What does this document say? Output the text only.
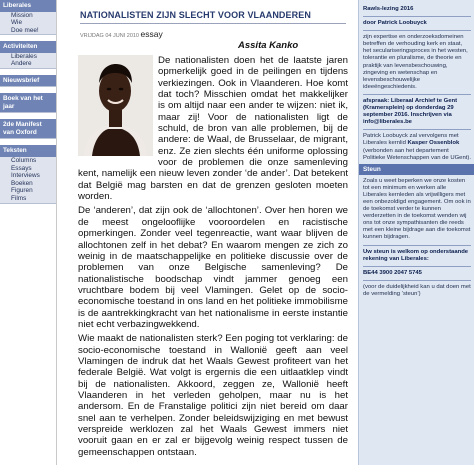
Liberales
Mission
Wie
Doe mee!
Activiteiten
Liberales
Andere
Nieuwsbrief
Boek van het
jaar
2de Manifest
van Oxford
Teksten
Columns
Essays
Interviews
Boeken
Figuren
Films
NATIONALISTEN ZIJN SLECHT VOOR VLAANDEREN
VRIJDAG 04 JUNI 2010 essay
Assita Kanko

De nationalisten doen het de laatste jaren opmerkelijk goed in de peilingen en tijdens verkiezingen. Ook in Vlaanderen. Hoe komt dat toch? Misschien omdat het makkelijker is om altijd naar een ander te wijzen: niet ik, maar zij! Voor de nationalisten ligt de schuld, de bron van alle problemen, bij de andere: de Waal, de Brusselaar, de migrant, enz. Ze zien slechts één uniforme oplossing voor de problemen die onze samenleving kent, namelijk een nieuw leven zonder ‘de ander’. Dat betekent dat België mag barsten en dat de grenzen gesloten moeten worden.

De ‘anderen’, dat zijn ook de ‘allochtonen’. Over hen horen we de meest ongelooflijke vooroordelen en racistische opmerkingen. Zonder veel tegenreactie, want waar blijven de allochtonen zelf in het debat? En waarom mengen ze zich zo weinig in de maatschappelijke en politieke discussie over de problemen van onze Belgische samenleving? De nationalistische boodschap vindt jammer genoeg een vruchtbare bodem bij veel Vlamingen. Gelet op de socio-economische toestand in ons land en het politieke immobilisme is de aantrekkingkracht van het nationalisme in eerste instantie niet echt verbazingwekkend.

Wie maakt de nationalisten sterk? Een poging tot verklaring: de socio-economische toestand in Wallonië geeft aan veel Vlamingen de indruk dat het Waals Gewest profiteert van het federale België. Wat volgt is ergernis die een uitlaatklep vindt bij de nationalisten. Akkoord, zeggen ze, Wallonië heeft Vlaanderen in het verleden geholpen, maar nu is het andersom. En de Franstalige politici zijn niet bereid om daar snel aan te verhelpen. Zonder beleidswijziging en met bewust verspreide werklozen zal het Waals Gewest immers niet vooruit gaan en er zal er bijgevolg weinig respect tussen de gemeenschappen ontstaan.

Rawls-lezing 2016
door Patrick Loobuyck
zijn expertise en onderzoeksdomeinen betreffen de verhouding kerk en staat, het seculariseringsproces in het westen, tolerantie en pluralisme, de theorie en praktijk van levensbeschouwing, zingeving en wetenschap en levensbeschouwelijke ideeëngeschiedenis.
afspraak: Liberaal Archief te Gent (Kramersplein) op donderdag 29 september 2016. Inschrijven via info@liberales.be
Patrick Loobuyck zal vervolgens met Liberales kernlid Kasper Ossenblok (verbonden aan het departement Politieke Wetenschappen van de UGent).
Steun
Zoals u weet beperken we onze kosten tot een minimum en werken alle Liberales kernleden als vrijwilligers met een onbezoldigd engagement. Om ook in de toekomst verder te kunnen verderzetten in de toekomst wenden wij ons tot onze sympathisanten die reeds met een kleine bijdrage aan die toekomst kunnen bijdragen.
Uw steun is welkom op onderstaande rekening van Liberales:
BE44 3900 2047 5745
(voor de duidelijkheid kan u dat doen met de vermelding ‘steun’)
